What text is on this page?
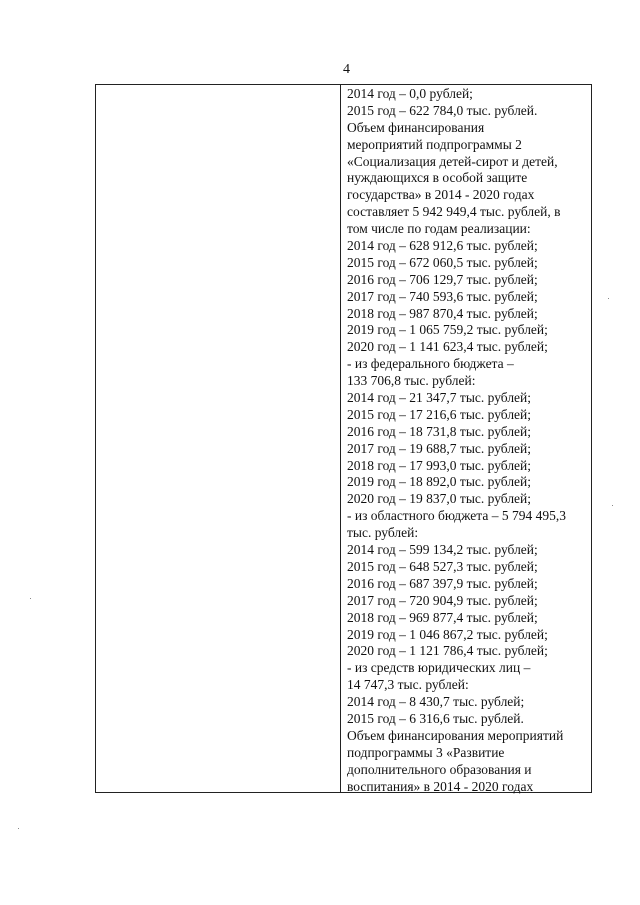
4
2014 год – 0,0 рублей;
2015 год – 622 784,0 тыс. рублей.
Объем финансирования
мероприятий подпрограммы 2
«Социализация детей-сирот и детей,
нуждающихся в особой защите
государства» в 2014 - 2020 годах
составляет 5 942 949,4 тыс. рублей, в
том числе по годам реализации:
2014 год – 628 912,6 тыс. рублей;
2015 год – 672 060,5 тыс. рублей;
2016 год – 706 129,7 тыс. рублей;
2017 год – 740 593,6 тыс. рублей;
2018 год – 987 870,4 тыс. рублей;
2019 год – 1 065 759,2 тыс. рублей;
2020 год – 1 141 623,4 тыс. рублей;
- из федерального бюджета –
133 706,8 тыс. рублей:
2014 год – 21 347,7 тыс. рублей;
2015 год – 17 216,6 тыс. рублей;
2016 год – 18 731,8 тыс. рублей;
2017 год – 19 688,7 тыс. рублей;
2018 год – 17 993,0 тыс. рублей;
2019 год – 18 892,0 тыс. рублей;
2020 год – 19 837,0 тыс. рублей;
- из областного бюджета – 5 794 495,3
тыс. рублей:
2014 год – 599 134,2 тыс. рублей;
2015 год – 648 527,3 тыс. рублей;
2016 год – 687 397,9 тыс. рублей;
2017 год – 720 904,9 тыс. рублей;
2018 год – 969 877,4 тыс. рублей;
2019 год – 1 046 867,2 тыс. рублей;
2020 год – 1 121 786,4 тыс. рублей;
- из средств юридических лиц –
14 747,3 тыс. рублей:
2014 год – 8 430,7 тыс. рублей;
2015 год – 6 316,6 тыс. рублей.
Объем финансирования мероприятий
подпрограммы 3 «Развитие
дополнительного образования и
воспитания» в 2014 - 2020 годах
